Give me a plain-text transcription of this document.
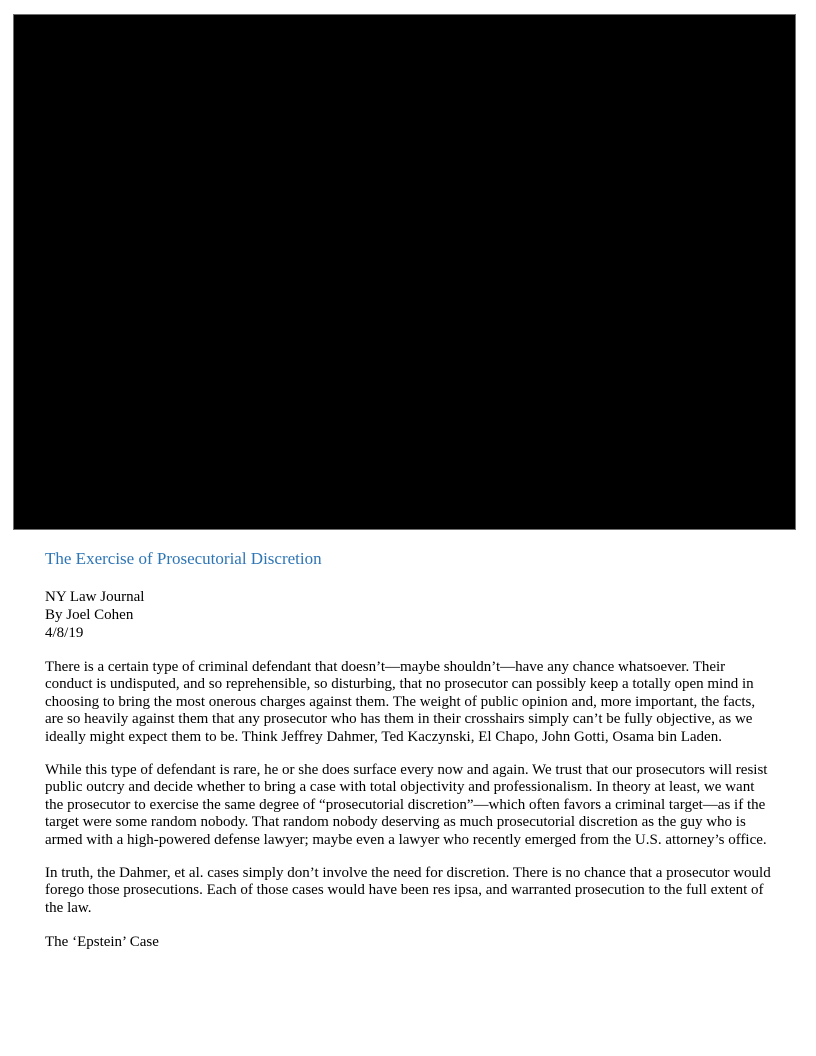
The Exercise of Prosecutorial Discretion

NY Law Journal

By Joel Cohen

4/8/19

There is a certain type of criminal defendant that doesn’t—maybe shouldn’t—have any chance whatsoever. Their conduct is undisputed, and so reprehensible, so disturbing, that no prosecutor can possibly keep a totally open mind in choosing to bring the most onerous charges against them. The weight of public opinion and, more important, the facts, are so heavily against them that any prosecutor who has them in their crosshairs simply can’t be fully objective, as we ideally might expect them to be. Think Jeffrey Dahmer, Ted Kaczynski, El Chapo, John Gotti, Osama bin Laden.

While this type of defendant is rare, he or she does surface every now and again. We trust that our prosecutors will resist public outcry and decide whether to bring a case with total objectivity and professionalism. In theory at least, we want the prosecutor to exercise the same degree of “prosecutorial discretion”—which often favors a criminal target—as if the target were some random nobody. That random nobody deserving as much prosecutorial discretion as the guy who is armed with a high-powered defense lawyer; maybe even a lawyer who recently emerged from the U.S. attorney’s office.

In truth, the Dahmer, et al. cases simply don’t involve the need for discretion. There is no chance that a prosecutor would forego those prosecutions. Each of those cases would have been res ipsa, and warranted prosecution to the full extent of the law.

The ‘Epstein’ Case
